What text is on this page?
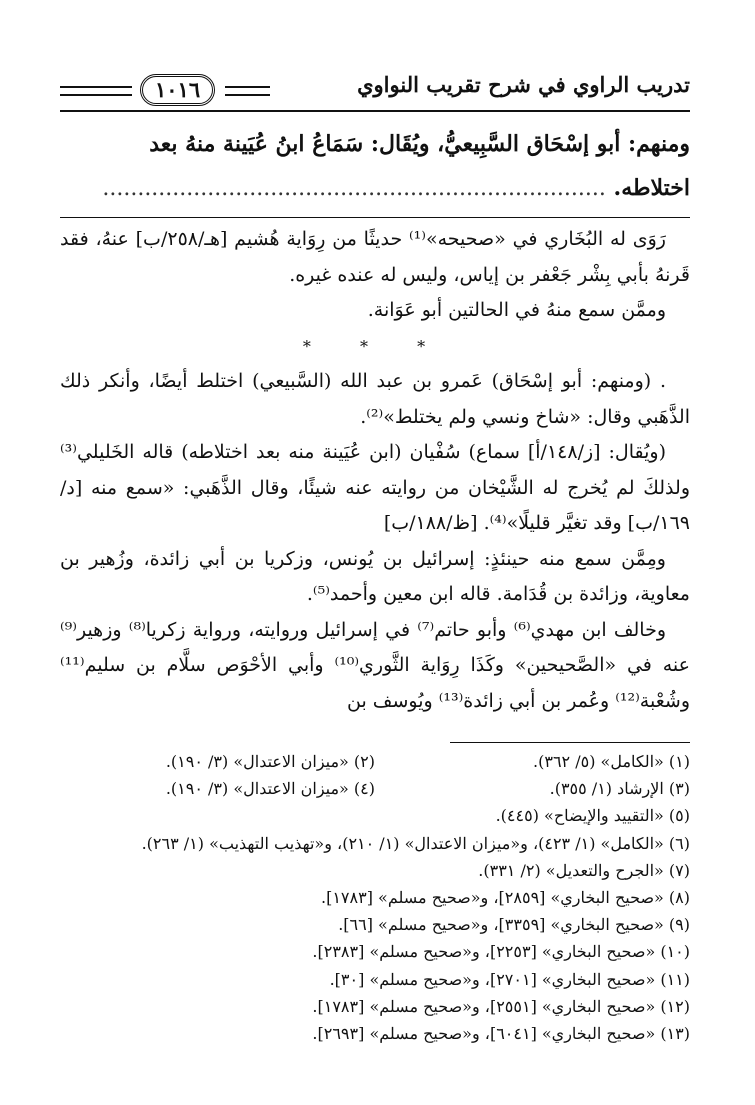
١٠١٦	تدريب الراوي في شرح تقريب النواوي
ومنهم: أبو إسْحَاق السَّبِيعيُّ، ويُقَال: سَمَاعُ ابنُ عُيَينة منهُ بعد
اختلاطه. ........................................................................

رَوَى له البُخَاري في «صحيحه»⁽¹⁾ حديثًا من رِوَاية هُشيم [هـ/٢٥٨/ب] عنهُ، فقد قَرنهُ بأبي بِشْر جَعْفر بن إياس، وليس له عنده غيره.

وممَّن سمع منهُ في الحالتين أبو عَوَانة.

* * *

. (ومنهم: أبو إسْحَاق) عَمرو بن عبد الله (السَّبيعي) اختلط أيضًا، وأنكر ذلك الذَّهَبي وقال: «شاخ ونسي ولم يختلط»⁽²⁾.

(ويُقال: [ز/١٤٨/أ] سماع) سُفْيان (ابن عُيَينة منه بعد اختلاطه) قاله الخَليلي⁽³⁾ ولذلكَ لم يُخرج له الشَّيْخان من روايته عنه شيئًا، وقال الذَّهَبي: «سمع منه [د/١٦٩/ب] وقد تغيَّر قليلًا»⁽⁴⁾. [ظ/١٨٨/ب]

ومِمَّن سمع منه حينئذٍ: إسرائيل بن يُونس، وزكريا بن أبي زائدة، وزُهير بن معاوية، وزائدة بن قُدَامة. قاله ابن معين وأحمد⁽⁵⁾.

وخالف ابن مهدي⁽⁶⁾ وأبو حاتم⁽⁷⁾ في إسرائيل وروايته، ورواية زكريا⁽⁸⁾ وزهير⁽⁹⁾ عنه في «الصَّحيحين» وكَذَا رِوَاية الثَّوري⁽¹⁰⁾ وأبي الأحْوَص سلَّام بن سليم⁽¹¹⁾ وشُعْبة⁽¹²⁾ وعُمر بن أبي زائدة⁽¹³⁾ ويُوسف بن

(١) «الكامل» (٥/ ٣٦٢).
(٢) «ميزان الاعتدال» (٣/ ١٩٠).
(٣) الإرشاد (١/ ٣٥٥).
(٤) «ميزان الاعتدال» (٣/ ١٩٠).
(٥) «التقييد والإيضاح» (٤٤٥).
(٦) «الكامل» (١/ ٤٢٣)، و«ميزان الاعتدال» (١/ ٢١٠)، و«تهذيب التهذيب» (١/ ٢٦٣).
(٧) «الجرح والتعديل» (٢/ ٣٣١).
(٨) «صحيح البخاري» [٢٨٥٩]، و«صحيح مسلم» [١٧٨٣].
(٩) «صحيح البخاري» [٣٣٥٩]، و«صحيح مسلم» [٦٦].
(١٠) «صحيح البخاري» [٢٢٥٣]، و«صحيح مسلم» [٢٣٨٣].
(١١) «صحيح البخاري» [٢٧٠١]، و«صحيح مسلم» [٣٠].
(١٢) «صحيح البخاري» [٢٥٥١]، و«صحيح مسلم» [١٧٨٣].
(١٣) «صحيح البخاري» [٦٠٤١]، و«صحيح مسلم» [٢٦٩٣].
